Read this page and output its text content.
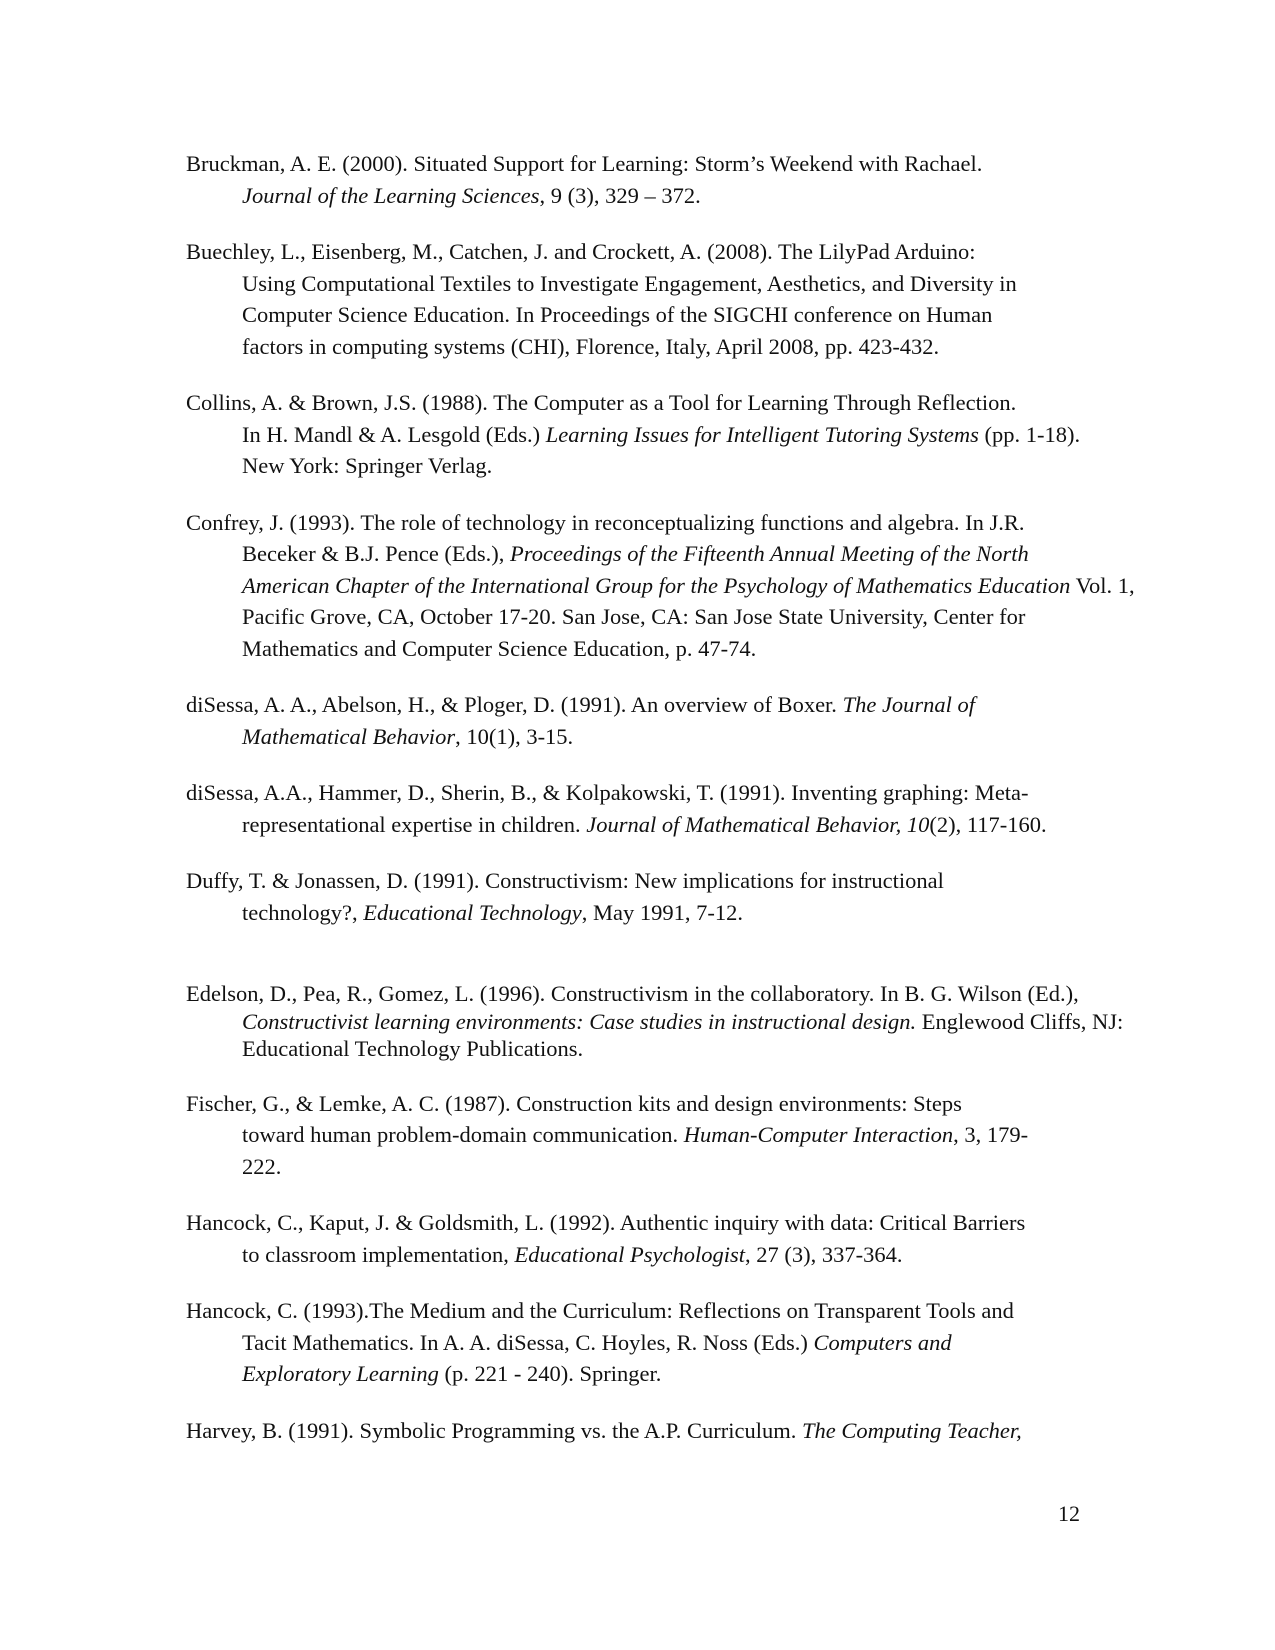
Bruckman, A. E. (2000). Situated Support for Learning: Storm’s Weekend with Rachael.
Journal of the Learning Sciences, 9 (3), 329 – 372.

Buechley, L., Eisenberg, M., Catchen, J. and Crockett, A. (2008). The LilyPad Arduino:
Using Computational Textiles to Investigate Engagement, Aesthetics, and Diversity in
Computer Science Education. In Proceedings of the SIGCHI conference on Human
factors in computing systems (CHI), Florence, Italy, April 2008, pp. 423-432.

Collins, A. & Brown, J.S. (1988). The Computer as a Tool for Learning Through Reflection.
In H. Mandl & A. Lesgold (Eds.) Learning Issues for Intelligent Tutoring Systems (pp. 1-18).
New York: Springer Verlag.

Confrey, J. (1993). The role of technology in reconceptualizing functions and algebra. In J.R.
Beceker & B.J. Pence (Eds.), Proceedings of the Fifteenth Annual Meeting of the North
American Chapter of the International Group for the Psychology of Mathematics Education Vol. 1,
Pacific Grove, CA, October 17-20. San Jose, CA: San Jose State University, Center for
Mathematics and Computer Science Education, p. 47-74.

diSessa, A. A., Abelson, H., & Ploger, D. (1991). An overview of Boxer. The Journal of
Mathematical Behavior, 10(1), 3-15.

diSessa, A.A., Hammer, D., Sherin, B., & Kolpakowski, T. (1991). Inventing graphing: Meta-
representational expertise in children. Journal of Mathematical Behavior, 10(2), 117-160.

Duffy, T. & Jonassen, D. (1991). Constructivism: New implications for instructional
technology?, Educational Technology, May 1991, 7-12.

Edelson, D., Pea, R., Gomez, L. (1996). Constructivism in the collaboratory. In B. G. Wilson (Ed.),
Constructivist learning environments: Case studies in instructional design. Englewood Cliffs, NJ:
Educational Technology Publications.

Fischer, G., & Lemke, A. C. (1987). Construction kits and design environments: Steps
toward human problem-domain communication. Human-Computer Interaction, 3, 179-
222.

Hancock, C., Kaput, J. & Goldsmith, L. (1992). Authentic inquiry with data: Critical Barriers
to classroom implementation, Educational Psychologist, 27 (3), 337-364.

Hancock, C. (1993).The Medium and the Curriculum: Reflections on Transparent Tools and
Tacit Mathematics. In A. A. diSessa, C. Hoyles, R. Noss (Eds.) Computers and
Exploratory Learning (p. 221 - 240). Springer.

Harvey, B. (1991). Symbolic Programming vs. the A.P. Curriculum. The Computing Teacher,

12
